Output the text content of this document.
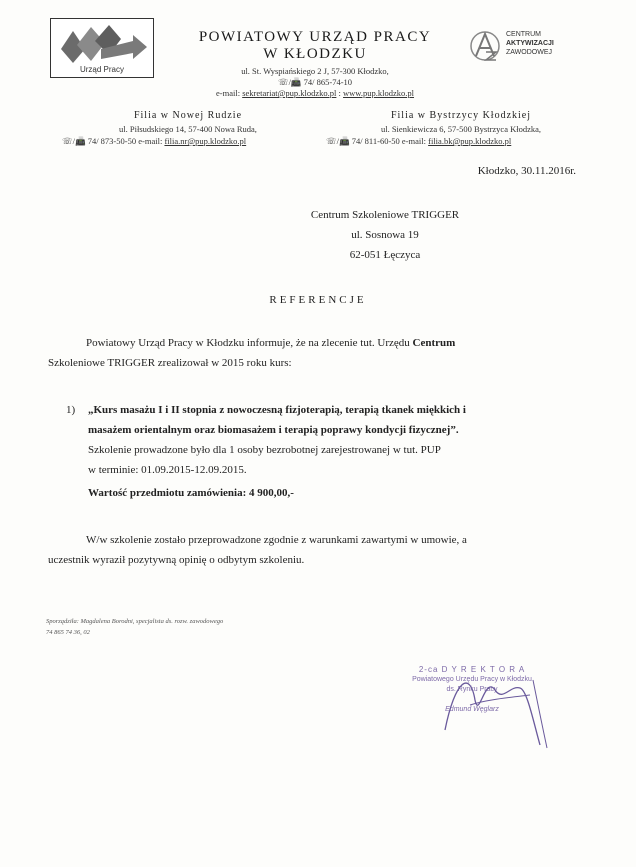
Urząd Pracy
POWIATOWY URZĄD PRACY
W KŁODZKU
ul. St. Wyspiańskiego 2 J, 57-300 Kłodzko,
☏/📠 74/ 865-74-10
e-mail: sekretariat@pup.klodzko.pl : www.pup.klodzko.pl
CENTRUM
AKTYWIZACJI
ZAWODOWEJ
Filia w Nowej Rudzie
ul. Piłsudskiego 14, 57-400 Nowa Ruda,
☏/📠 74/ 873-50-50 e-mail: filia.nr@pup.klodzko.pl
Filia w Bystrzycy Kłodzkiej
ul. Sienkiewicza 6, 57-500 Bystrzyca Kłodzka,
☏/📠 74/ 811-60-50 e-mail: filia.bk@pup.klodzko.pl
Kłodzko, 30.11.2016r.
Centrum Szkoleniowe TRIGGER
ul. Sosnowa 19
62-051 Łęczyca
REFERENCJE
Powiatowy Urząd Pracy w Kłodzku informuje, że na zlecenie tut. Urzędu Centrum
Szkoleniowe TRIGGER zrealizował w 2015 roku kurs:
1) „Kurs masażu I i II stopnia z nowoczesną fizjoterapią, terapią tkanek miękkich i
masażem orientalnym oraz biomasażem i terapią poprawy kondycji fizycznej”.
Szkolenie prowadzone było dla 1 osoby bezrobotnej zarejestrowanej w tut. PUP
w terminie: 01.09.2015-12.09.2015.
Wartość przedmiotu zamówienia: 4 900,00,-
W/w szkolenie zostało przeprowadzone zgodnie z warunkami zawartymi w umowie, a
uczestnik wyraził pozytywną opinię o odbytym szkoleniu.
Sporządziła: Magdalena Borodni, specjalista ds. rozw. zawodowego
74 865 74 36, 02
2-ca D Y R E K T O R A
Powiatowego Urzędu Pracy w Kłodzku
ds. Rynku Pracy
Edmund Węglarz
